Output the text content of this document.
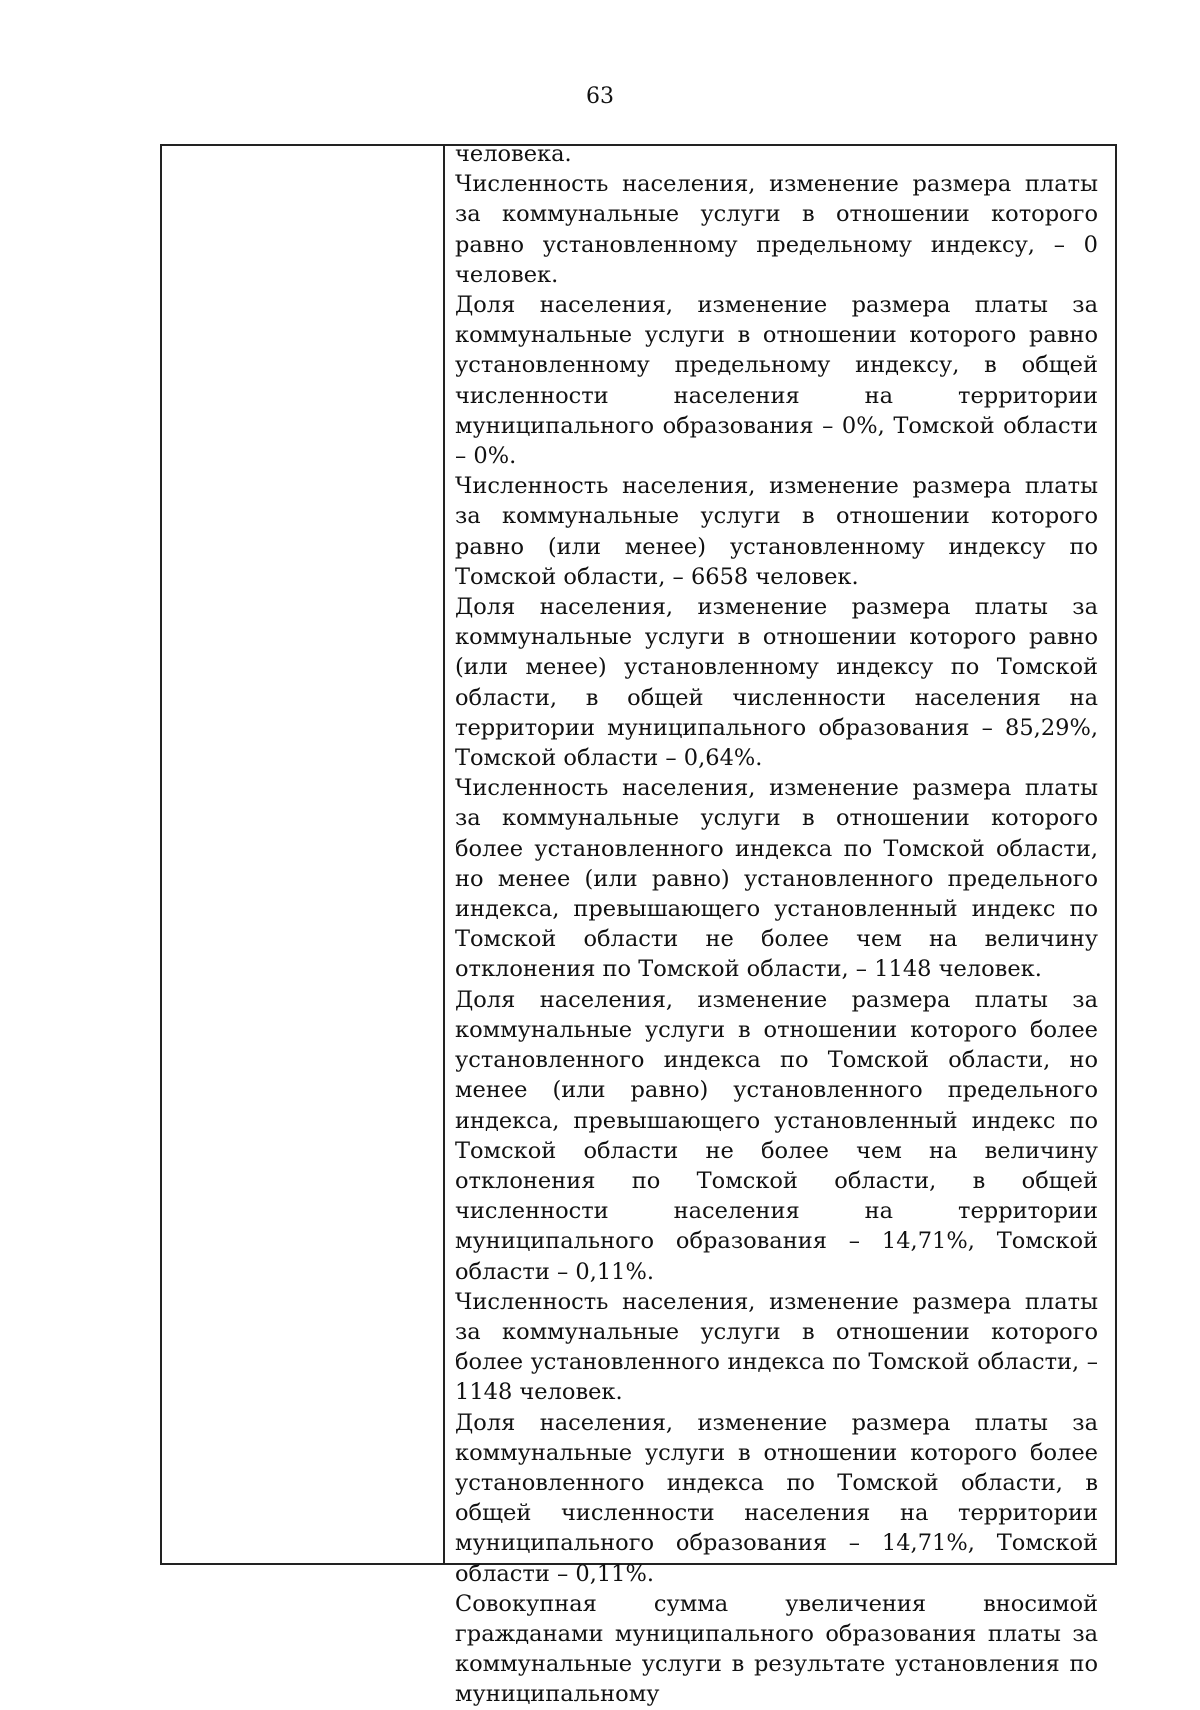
63

человека.

Численность населения, изменение размера платы за коммунальные услуги в отношении которого равно установленному предельному индексу, – 0 человек.

Доля населения, изменение размера платы за коммунальные услуги в отношении которого равно установленному предельному индексу, в общей численности населения на территории муниципального образования – 0%, Томской области – 0%.

Численность населения, изменение размера платы за коммунальные услуги в отношении которого равно (или менее) установленному индексу по Томской области, – 6658 человек.

Доля населения, изменение размера платы за коммунальные услуги в отношении которого равно (или менее) установленному индексу по Томской области, в общей численности населения на территории муниципального образования – 85,29%, Томской области – 0,64%.

Численность населения, изменение размера платы за коммунальные услуги в отношении которого более установленного индекса по Томской области, но менее (или равно) установленного предельного индекса, превышающего установленный индекс по Томской области не более чем на величину отклонения по Томской области, – 1148 человек.

Доля населения, изменение размера платы за коммунальные услуги в отношении которого более установленного индекса по Томской области, но менее (или равно) установленного предельного индекса, превышающего установленный индекс по Томской области не более чем на величину отклонения по Томской области, в общей численности населения на территории муниципального образования – 14,71%, Томской области – 0,11%.

Численность населения, изменение размера платы за коммунальные услуги в отношении которого более установленного индекса по Томской области, – 1148 человек.

Доля населения, изменение размера платы за коммунальные услуги в отношении которого более установленного индекса по Томской области, в общей численности населения на территории муниципального образования – 14,71%, Томской области – 0,11%.

Совокупная сумма увеличения вносимой гражданами муниципального образования платы за коммунальные услуги в результате установления по муниципальному
